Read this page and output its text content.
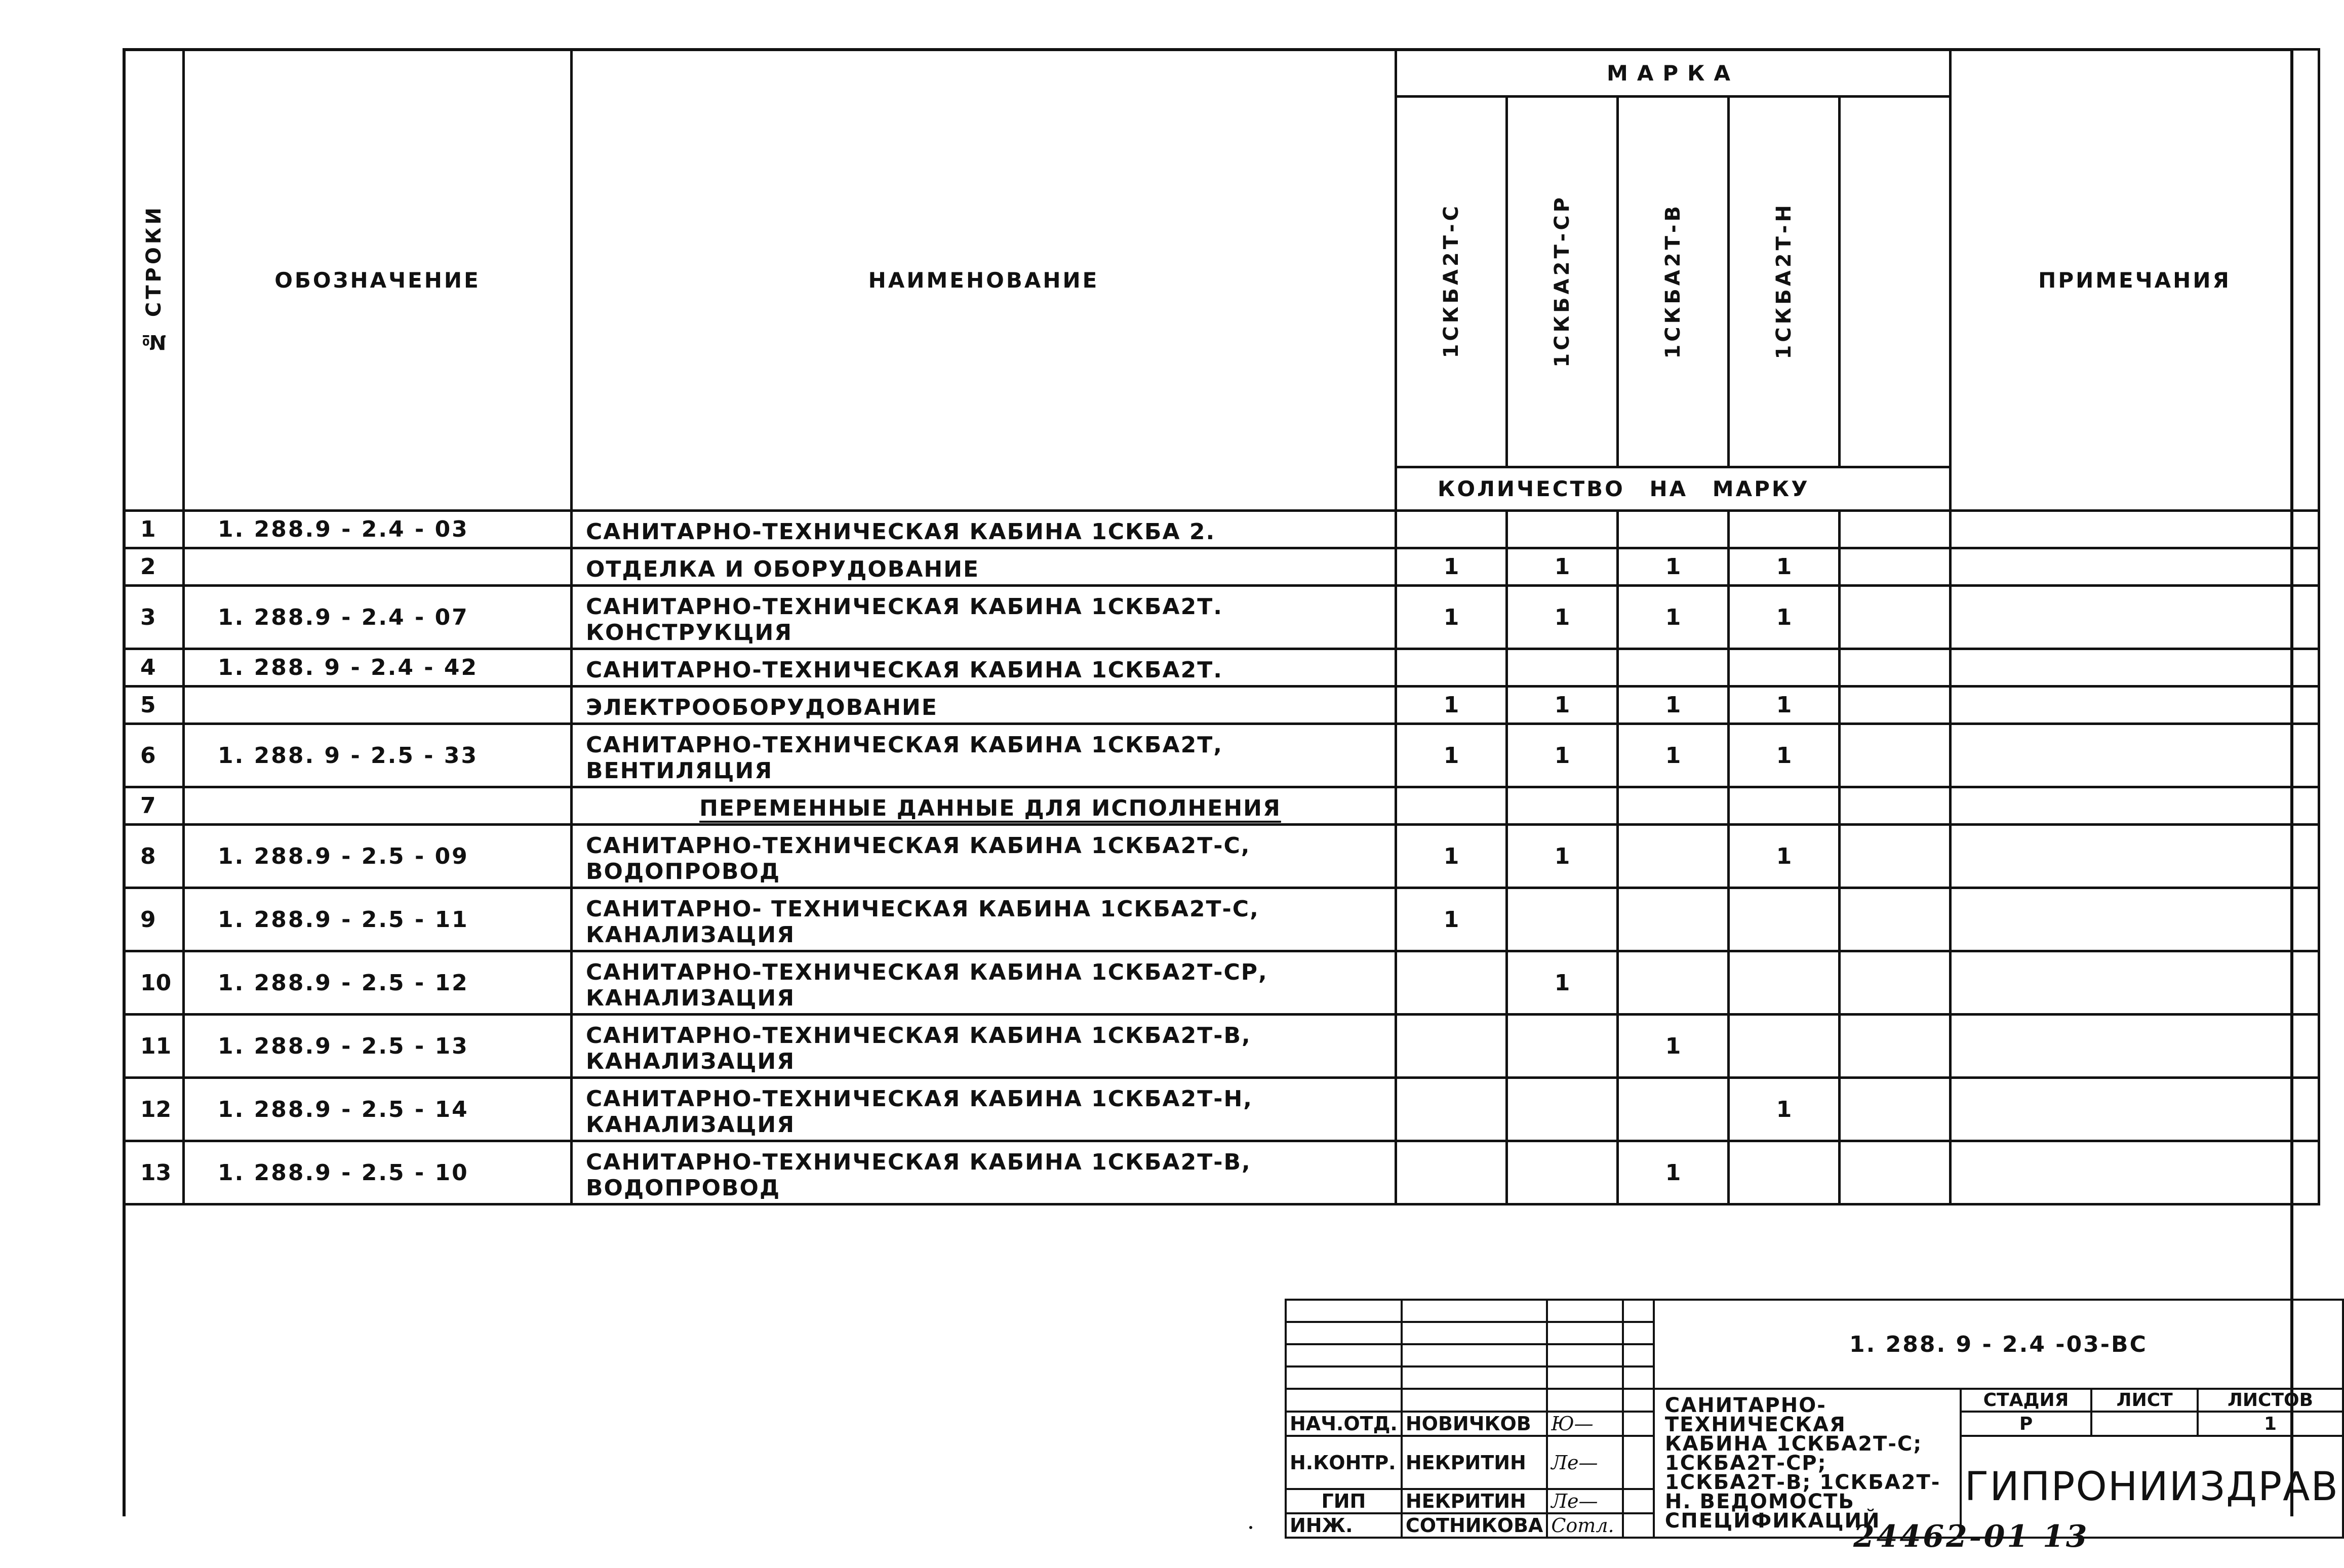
№ СТРОКИ	ОБОЗНАЧЕНИЕ	НАИМЕНОВАНИЕ	МАРКА					ПРИМЕЧАНИЯ
			1СКБА2Т-С	1СКБА2Т-СР	1СКБА2Т-В	1СКБА2Т-Н		
			КОЛИЧЕСТВО НА МАРКУ					
1	1. 288.9 - 2.4 - 03	САНИТАРНО-ТЕХНИЧЕСКАЯ КАБИНА 1СКБА 2.						
2		ОТДЕЛКА И ОБОРУДОВАНИЕ	1	1	1	1		
3	1. 288.9 - 2.4 - 07	САНИТАРНО-ТЕХНИЧЕСКАЯ КАБИНА 1СКБА2Т. КОНСТРУКЦИЯ	1	1	1	1		
4	1. 288. 9 - 2.4 - 42	САНИТАРНО-ТЕХНИЧЕСКАЯ КАБИНА 1СКБА2Т.						
5		ЭЛЕКТРООБОРУДОВАНИЕ	1	1	1	1		
6	1. 288. 9 - 2.5 - 33	САНИТАРНО-ТЕХНИЧЕСКАЯ КАБИНА 1СКБА2Т, ВЕНТИЛЯЦИЯ	1	1	1	1		
7		ПЕРЕМЕННЫЕ ДАННЫЕ ДЛЯ ИСПОЛНЕНИЯ						
8	1. 288.9 - 2.5 - 09	САНИТАРНО-ТЕХНИЧЕСКАЯ КАБИНА 1СКБА2Т-С, ВОДОПРОВОД	1	1		1		
9	1. 288.9 - 2.5 - 11	САНИТАРНО- ТЕХНИЧЕСКАЯ КАБИНА 1СКБА2Т-С, КАНАЛИЗАЦИЯ	1					
10	1. 288.9 - 2.5 - 12	САНИТАРНО-ТЕХНИЧЕСКАЯ КАБИНА 1СКБА2Т-СР, КАНАЛИЗАЦИЯ		1				
11	1. 288.9 - 2.5 - 13	САНИТАРНО-ТЕХНИЧЕСКАЯ КАБИНА 1СКБА2Т-В, КАНАЛИЗАЦИЯ			1			
12	1. 288.9 - 2.5 - 14	САНИТАРНО-ТЕХНИЧЕСКАЯ КАБИНА 1СКБА2Т-Н, КАНАЛИЗАЦИЯ				1		
13	1. 288.9 - 2.5 - 10	САНИТАРНО-ТЕХНИЧЕСКАЯ КАБИНА 1СКБА2Т-В, ВОДОПРОВОД			1			

				1. 288. 9 - 2.4 -03-ВС			

				САНИТАРНО-ТЕХНИЧЕСКАЯ КАБИНА 1СКБА2Т-С; 1СКБА2Т-СР; 1СКБА2Т-В; 1СКБА2Т-Н. ВЕДОМОСТЬ СПЕЦИФИКАЦИЙ	СТАДИЯ	ЛИСТ	ЛИСТОВ
НАЧ.ОТД.	НОВИЧКОВ	Ю—			Р		1
Н.КОНТР.	НЕКРИТИН	Ле—			ГИПРОНИИЗДРАВ		
ГИП	НЕКРИТИН	Ле—					
ИНЖ.	СОТНИКОВА	Сотл.						24462-01 13
